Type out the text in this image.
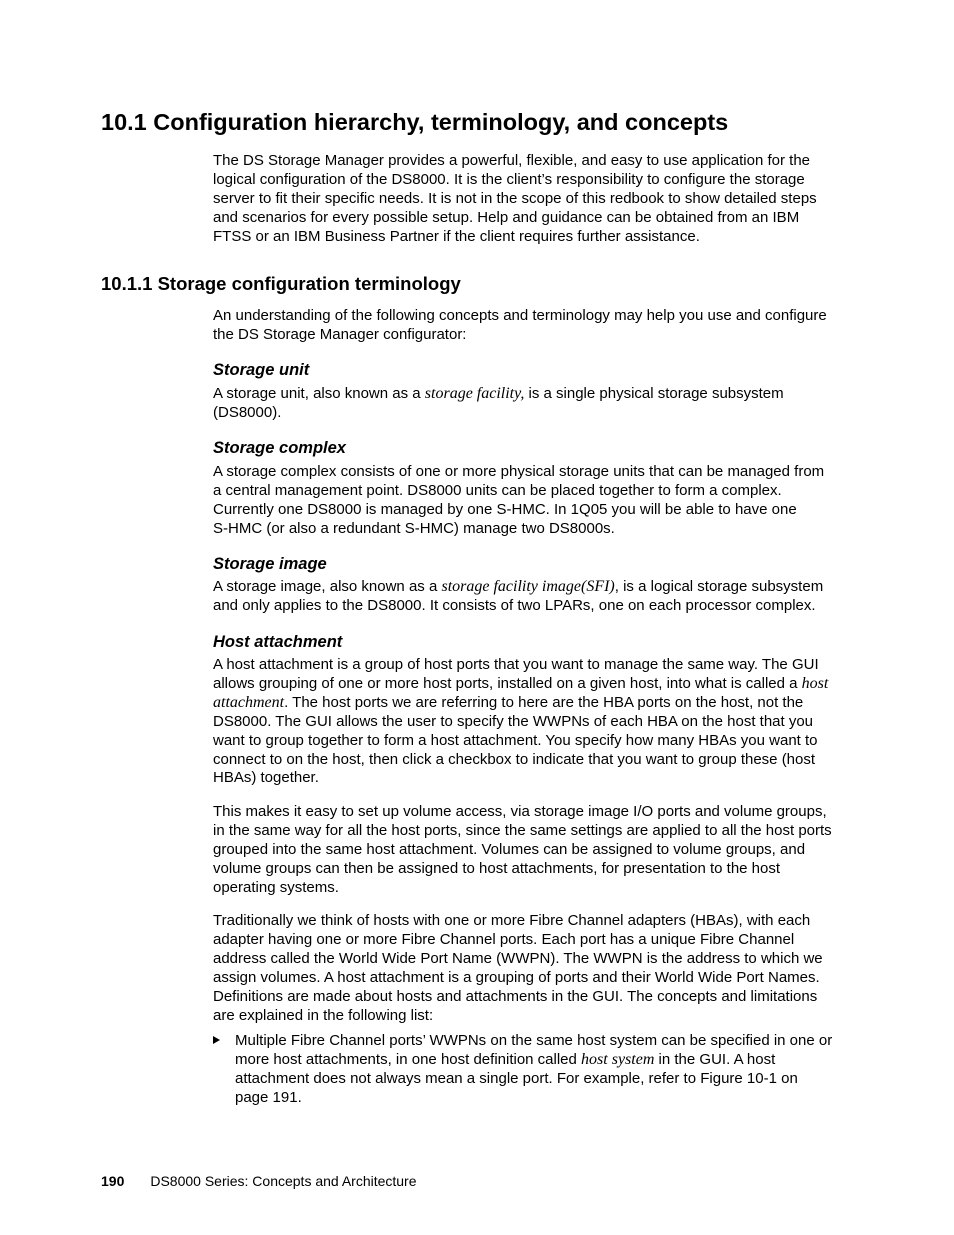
10.1 Configuration hierarchy, terminology, and concepts
The DS Storage Manager provides a powerful, flexible, and easy to use application for the
logical configuration of the DS8000. It is the client’s responsibility to configure the storage
server to fit their specific needs. It is not in the scope of this redbook to show detailed steps
and scenarios for every possible setup. Help and guidance can be obtained from an IBM
FTSS or an IBM Business Partner if the client requires further assistance.
10.1.1 Storage configuration terminology
An understanding of the following concepts and terminology may help you use and configure
the DS Storage Manager configurator:
Storage unit
A storage unit, also known as a storage facility, is a single physical storage subsystem
(DS8000).
Storage complex
A storage complex consists of one or more physical storage units that can be managed from
a central management point. DS8000 units can be placed together to form a complex.
Currently one DS8000 is managed by one S-HMC. In 1Q05 you will be able to have one
S-HMC (or also a redundant S-HMC) manage two DS8000s.
Storage image
A storage image, also known as a storage facility image(SFI), is a logical storage subsystem
and only applies to the DS8000. It consists of two LPARs, one on each processor complex.
Host attachment
A host attachment is a group of host ports that you want to manage the same way. The GUI
allows grouping of one or more host ports, installed on a given host, into what is called a host
attachment. The host ports we are referring to here are the HBA ports on the host, not the
DS8000. The GUI allows the user to specify the WWPNs of each HBA on the host that you
want to group together to form a host attachment. You specify how many HBAs you want to
connect to on the host, then click a checkbox to indicate that you want to group these (host
HBAs) together.
This makes it easy to set up volume access, via storage image I/O ports and volume groups,
in the same way for all the host ports, since the same settings are applied to all the host ports
grouped into the same host attachment. Volumes can be assigned to volume groups, and
volume groups can then be assigned to host attachments, for presentation to the host
operating systems.
Traditionally we think of hosts with one or more Fibre Channel adapters (HBAs), with each
adapter having one or more Fibre Channel ports. Each port has a unique Fibre Channel
address called the World Wide Port Name (WWPN). The WWPN is the address to which we
assign volumes. A host attachment is a grouping of ports and their World Wide Port Names.
Definitions are made about hosts and attachments in the GUI. The concepts and limitations
are explained in the following list:
Multiple Fibre Channel ports’ WWPNs on the same host system can be specified in one or
more host attachments, in one host definition called host system in the GUI. A host
attachment does not always mean a single port. For example, refer to Figure 10-1 on
page 191.
190 DS8000 Series: Concepts and Architecture
